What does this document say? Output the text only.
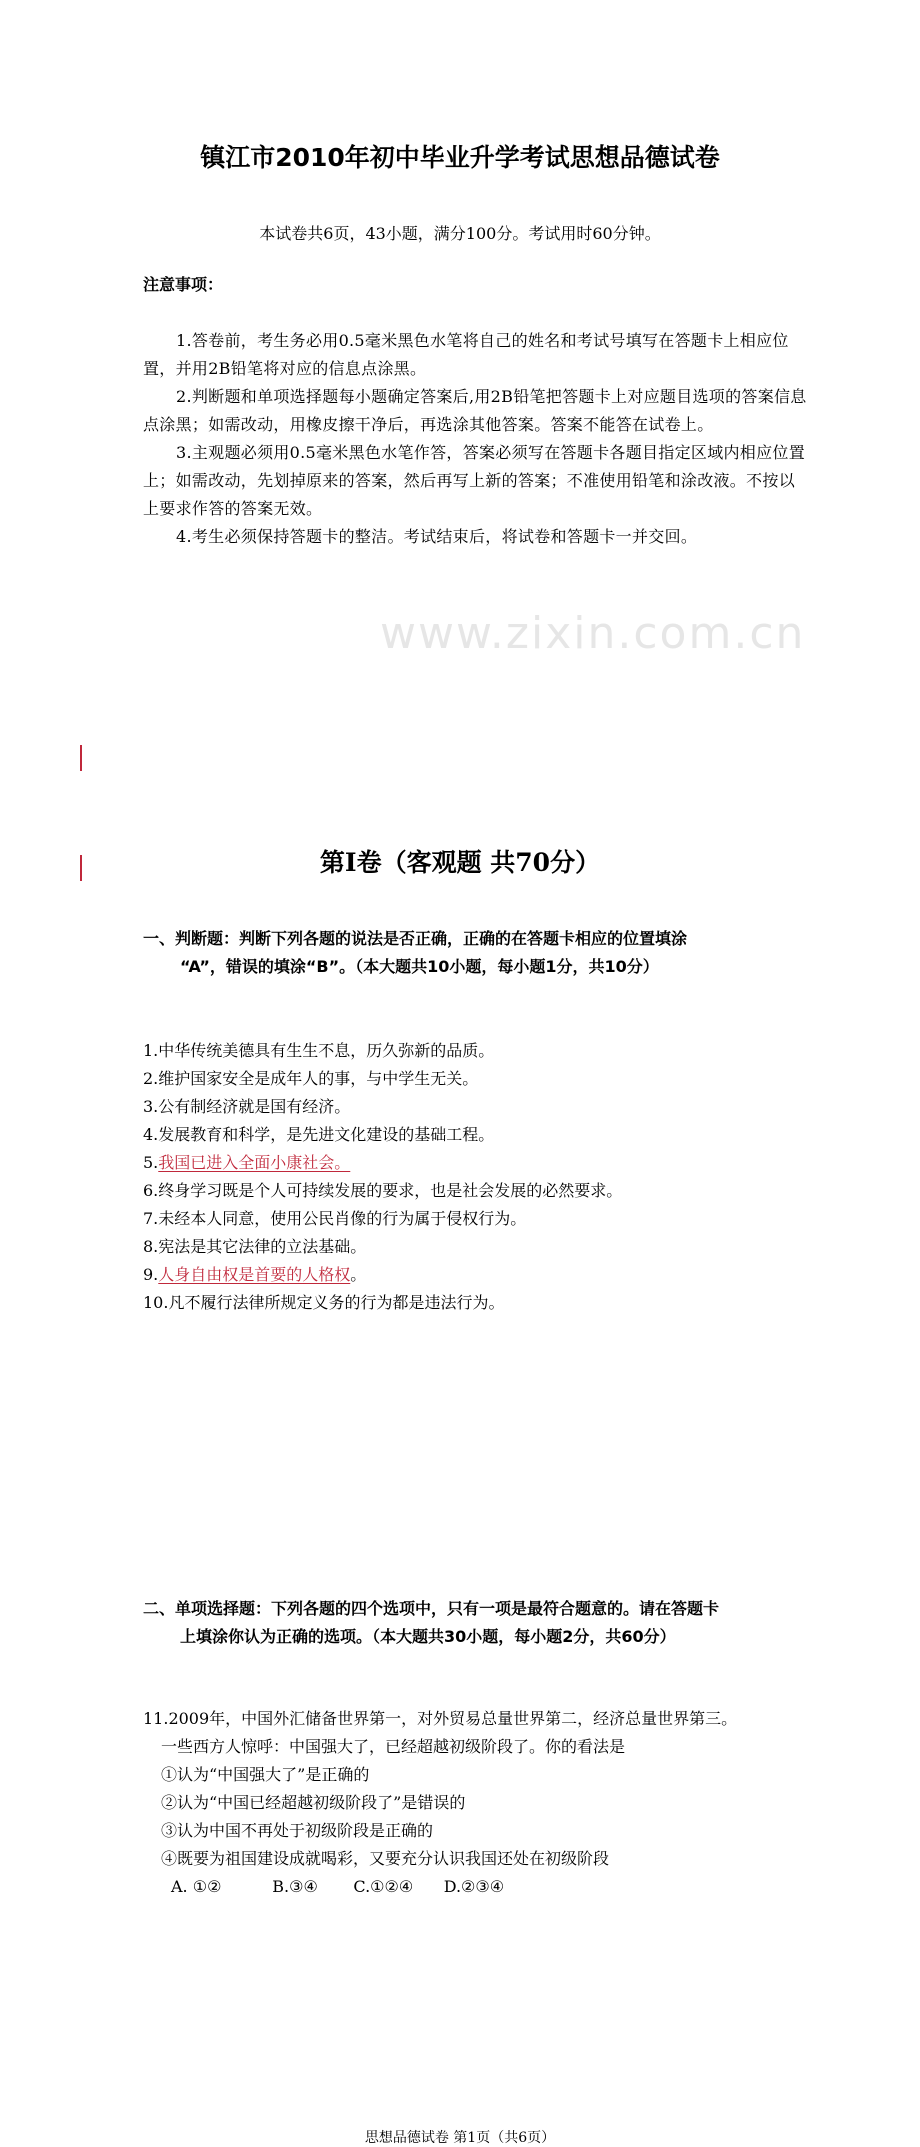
www.zixin.com.cn
镇江市2010年初中毕业升学考试思想品德试卷
本试卷共6页，43小题，满分100分。考试用时60分钟。
注意事项：
1.答卷前，考生务必用0.5毫米黑色水笔将自己的姓名和考试号填写在答题卡上相应位置，并用2B铅笔将对应的信息点涂黑。
2.判断题和单项选择题每小题确定答案后,用2B铅笔把答题卡上对应题目选项的答案信息点涂黑；如需改动，用橡皮擦干净后，再选涂其他答案。答案不能答在试卷上。
3.主观题必须用0.5毫米黑色水笔作答，答案必须写在答题卡各题目指定区域内相应位置上；如需改动，先划掉原来的答案，然后再写上新的答案；不准使用铅笔和涂改液。不按以上要求作答的答案无效。
4.考生必须保持答题卡的整洁。考试结束后，将试卷和答题卡一并交回。
第Ⅰ卷（客观题 共70分）
一、判断题：判断下列各题的说法是否正确，正确的在答题卡相应的位置填涂
“A”，错误的填涂“B”。（本大题共10小题，每小题1分，共10分）
1.中华传统美德具有生生不息，历久弥新的品质。
2.维护国家安全是成年人的事，与中学生无关。
3.公有制经济就是国有经济。
4.发展教育和科学，是先进文化建设的基础工程。
5.我国已进入全面小康社会。
6.终身学习既是个人可持续发展的要求，也是社会发展的必然要求。
7.未经本人同意，使用公民肖像的行为属于侵权行为。
8.宪法是其它法律的立法基础。
9.人身自由权是首要的人格权。
10.凡不履行法律所规定义务的行为都是违法行为。
二、单项选择题：下列各题的四个选项中，只有一项是最符合题意的。请在答题卡
上填涂你认为正确的选项。（本大题共30小题，每小题2分，共60分）
11.2009年，中国外汇储备世界第一，对外贸易总量世界第二，经济总量世界第三。
一些西方人惊呼：中国强大了，已经超越初级阶段了。你的看法是
①认为“中国强大了”是正确的
②认为“中国已经超越初级阶段了”是错误的
③认为中国不再处于初级阶段是正确的
④既要为祖国建设成就喝彩，又要充分认识我国还处在初级阶段
A. ①②          B.③④       C.①②④      D.②③④
思想品德试卷 第1页（共6页）
